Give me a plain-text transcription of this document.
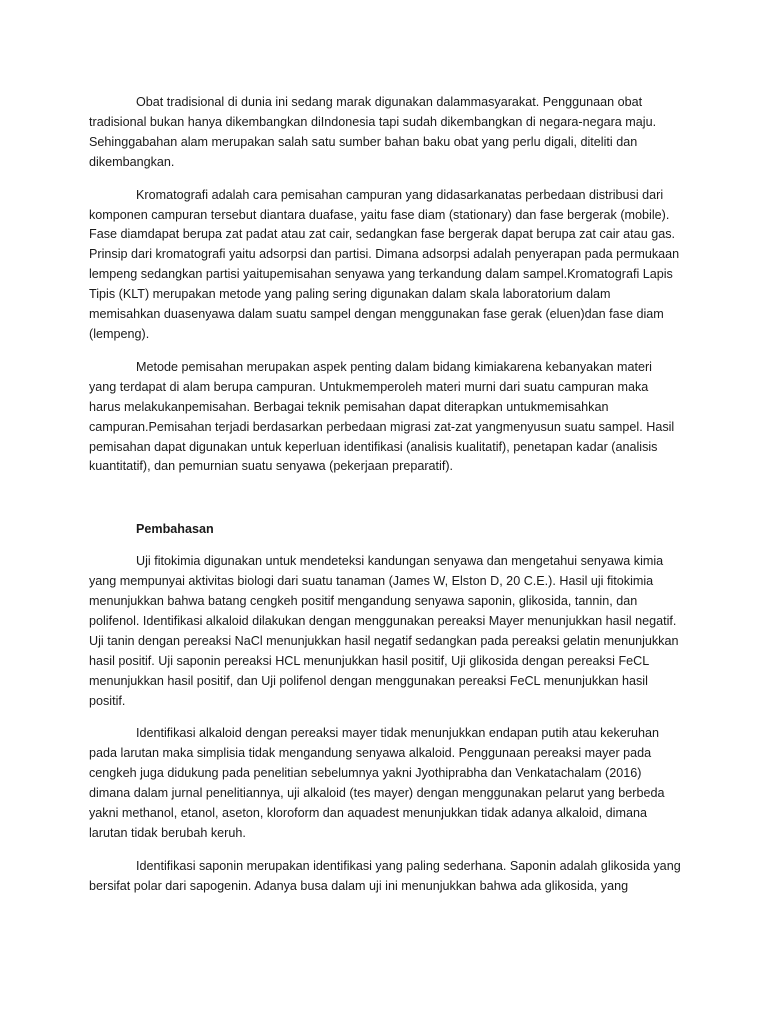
Obat tradisional di dunia ini sedang marak digunakan dalammasyarakat. Penggunaan obat tradisional bukan hanya dikembangkan diIndonesia tapi sudah dikembangkan di negara-negara maju. Sehinggabahan alam merupakan salah satu sumber bahan baku obat yang perlu digali, diteliti dan dikembangkan.

Kromatografi adalah cara pemisahan campuran yang didasarkanatas perbedaan distribusi dari komponen campuran tersebut diantara duafase, yaitu fase diam (stationary) dan fase bergerak (mobile). Fase diamdapat berupa zat padat atau zat cair, sedangkan fase bergerak dapat berupa zat cair atau gas. Prinsip dari kromatografi yaitu adsorpsi dan partisi. Dimana adsorpsi adalah penyerapan pada permukaan lempeng sedangkan partisi yaitupemisahan senyawa yang terkandung dalam sampel.Kromatografi Lapis Tipis (KLT) merupakan metode yang paling sering digunakan dalam skala laboratorium dalam memisahkan duasenyawa dalam suatu sampel dengan menggunakan fase gerak (eluen)dan fase diam (lempeng).

Metode pemisahan merupakan aspek penting dalam bidang kimiakarena kebanyakan materi yang terdapat di alam berupa campuran. Untukmemperoleh materi murni dari suatu campuran maka harus melakukanpemisahan. Berbagai teknik pemisahan dapat diterapkan untukmemisahkan campuran.Pemisahan terjadi berdasarkan perbedaan migrasi zat-zat yangmenyusun suatu sampel. Hasil pemisahan dapat digunakan untuk keperluan identifikasi (analisis kualitatif), penetapan kadar (analisis kuantitatif), dan pemurnian suatu senyawa (pekerjaan preparatif).

Pembahasan

Uji fitokimia digunakan untuk mendeteksi kandungan senyawa dan mengetahui senyawa kimia yang mempunyai aktivitas biologi dari suatu tanaman (James W, Elston D, 20 C.E.). Hasil uji fitokimia menunjukkan bahwa batang cengkeh positif mengandung senyawa saponin, glikosida, tannin, dan polifenol. Identifikasi alkaloid dilakukan dengan menggunakan pereaksi Mayer menunjukkan hasil negatif. Uji tanin dengan pereaksi NaCl menunjukkan hasil negatif sedangkan pada pereaksi gelatin menunjukkan hasil positif. Uji saponin pereaksi HCL menunjukkan hasil positif, Uji glikosida dengan pereaksi FeCL menunjukkan hasil positif, dan Uji polifenol dengan menggunakan pereaksi FeCL menunjukkan hasil positif.

Identifikasi alkaloid dengan pereaksi mayer tidak menunjukkan endapan putih atau kekeruhan pada larutan maka simplisia tidak mengandung senyawa alkaloid. Penggunaan pereaksi mayer pada cengkeh juga didukung pada penelitian sebelumnya yakni Jyothiprabha dan Venkatachalam (2016) dimana dalam jurnal penelitiannya, uji alkaloid (tes mayer) dengan menggunakan pelarut yang berbeda yakni methanol, etanol, aseton, kloroform dan aquadest menunjukkan tidak adanya alkaloid, dimana larutan tidak berubah keruh.

Identifikasi saponin merupakan identifikasi yang paling sederhana. Saponin adalah glikosida yang bersifat polar dari sapogenin. Adanya busa dalam uji ini menunjukkan bahwa ada glikosida, yang
